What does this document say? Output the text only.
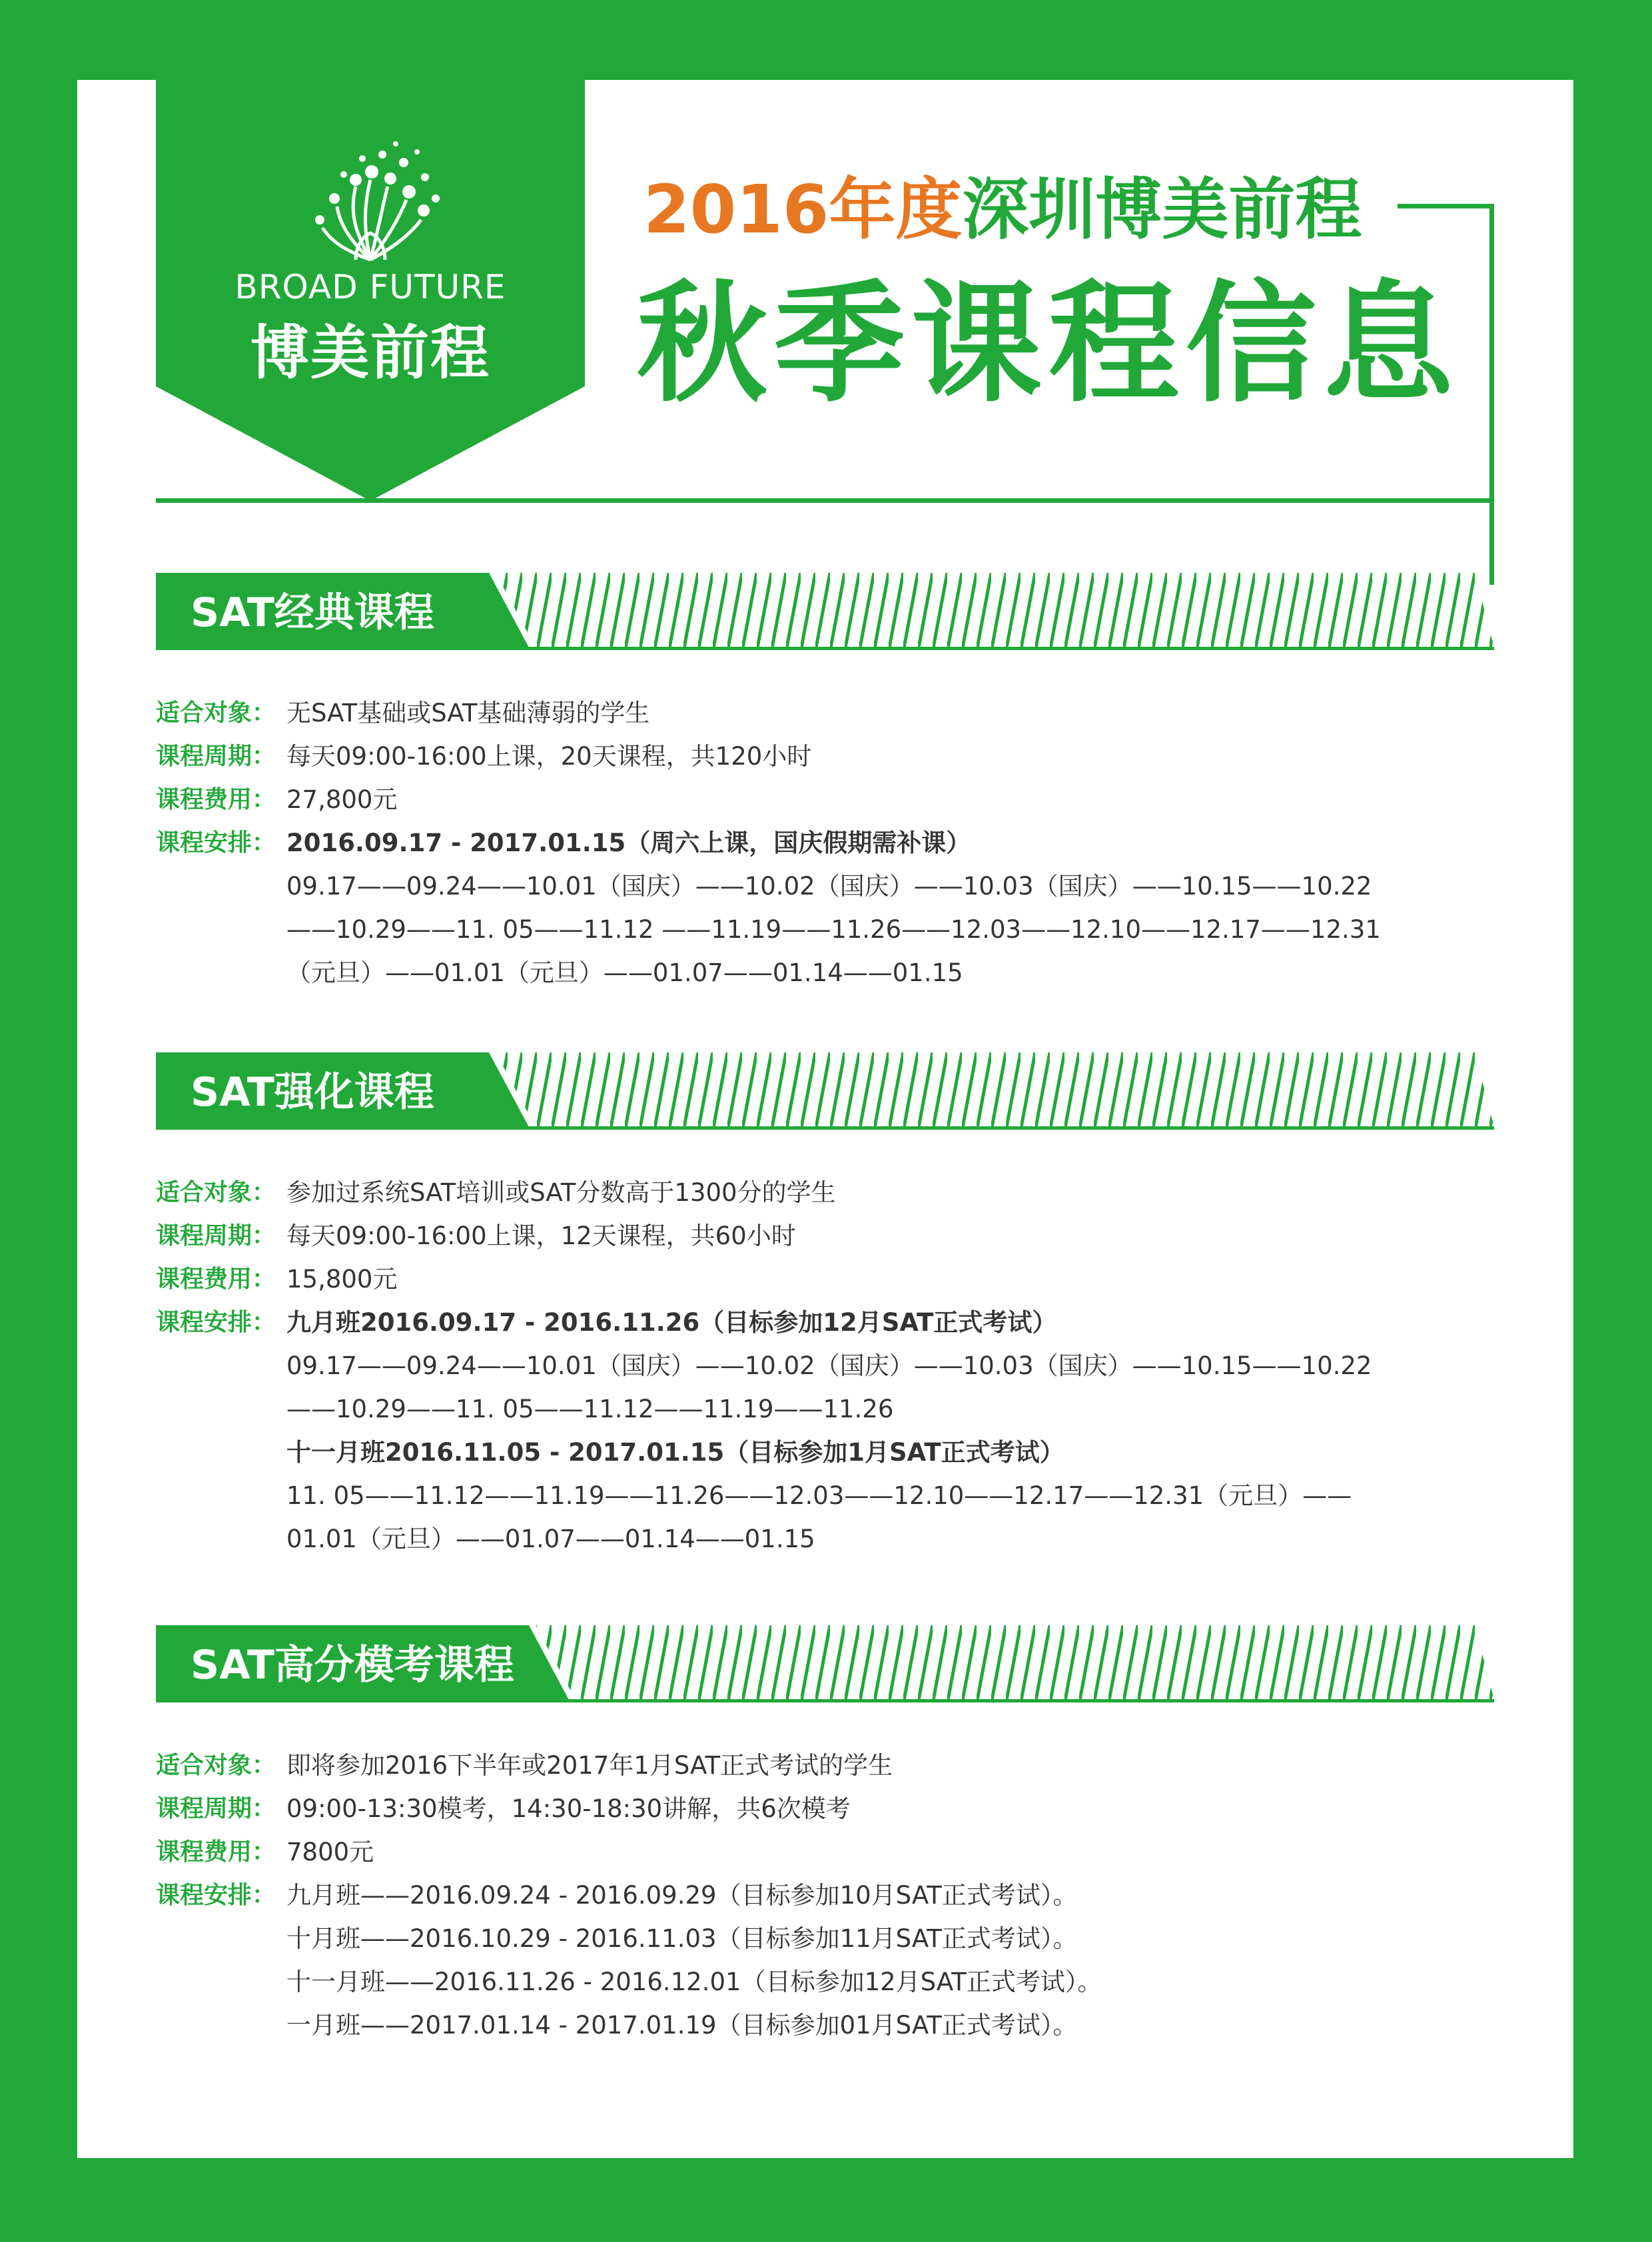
BROAD FUTURE
博美前程
2016年度深圳博美前程
秋季课程信息
SAT经典课程
适合对象： 无SAT基础或SAT基础薄弱的学生
课程周期： 每天09:00-16:00上课，20天课程，共120小时
课程费用： 27,800元
课程安排： 2016.09.17 - 2017.01.15（周六上课，国庆假期需补课）
09.17——09.24——10.01（国庆）——10.02（国庆）——10.03（国庆）——10.15——10.22
——10.29——11. 05——11.12 ——11.19——11.26——12.03——12.10——12.17——12.31
（元旦）——01.01（元旦）——01.07——01.14——01.15
SAT强化课程
适合对象： 参加过系统SAT培训或SAT分数高于1300分的学生
课程周期： 每天09:00-16:00上课，12天课程，共60小时
课程费用： 15,800元
课程安排： 九月班2016.09.17 - 2016.11.26（目标参加12月SAT正式考试）
09.17——09.24——10.01（国庆）——10.02（国庆）——10.03（国庆）——10.15——10.22
——10.29——11. 05——11.12——11.19——11.26
十一月班2016.11.05 - 2017.01.15（目标参加1月SAT正式考试）
11. 05——11.12——11.19——11.26——12.03——12.10——12.17——12.31（元旦）——
01.01（元旦）——01.07——01.14——01.15
SAT高分模考课程
适合对象： 即将参加2016下半年或2017年1月SAT正式考试的学生
课程周期： 09:00-13:30模考，14:30-18:30讲解，共6次模考
课程费用： 7800元
课程安排： 九月班——2016.09.24 - 2016.09.29（目标参加10月SAT正式考试）。
十月班——2016.10.29 - 2016.11.03（目标参加11月SAT正式考试）。
十一月班——2016.11.26 - 2016.12.01（目标参加12月SAT正式考试）。
一月班——2017.01.14 - 2017.01.19（目标参加01月SAT正式考试）。
